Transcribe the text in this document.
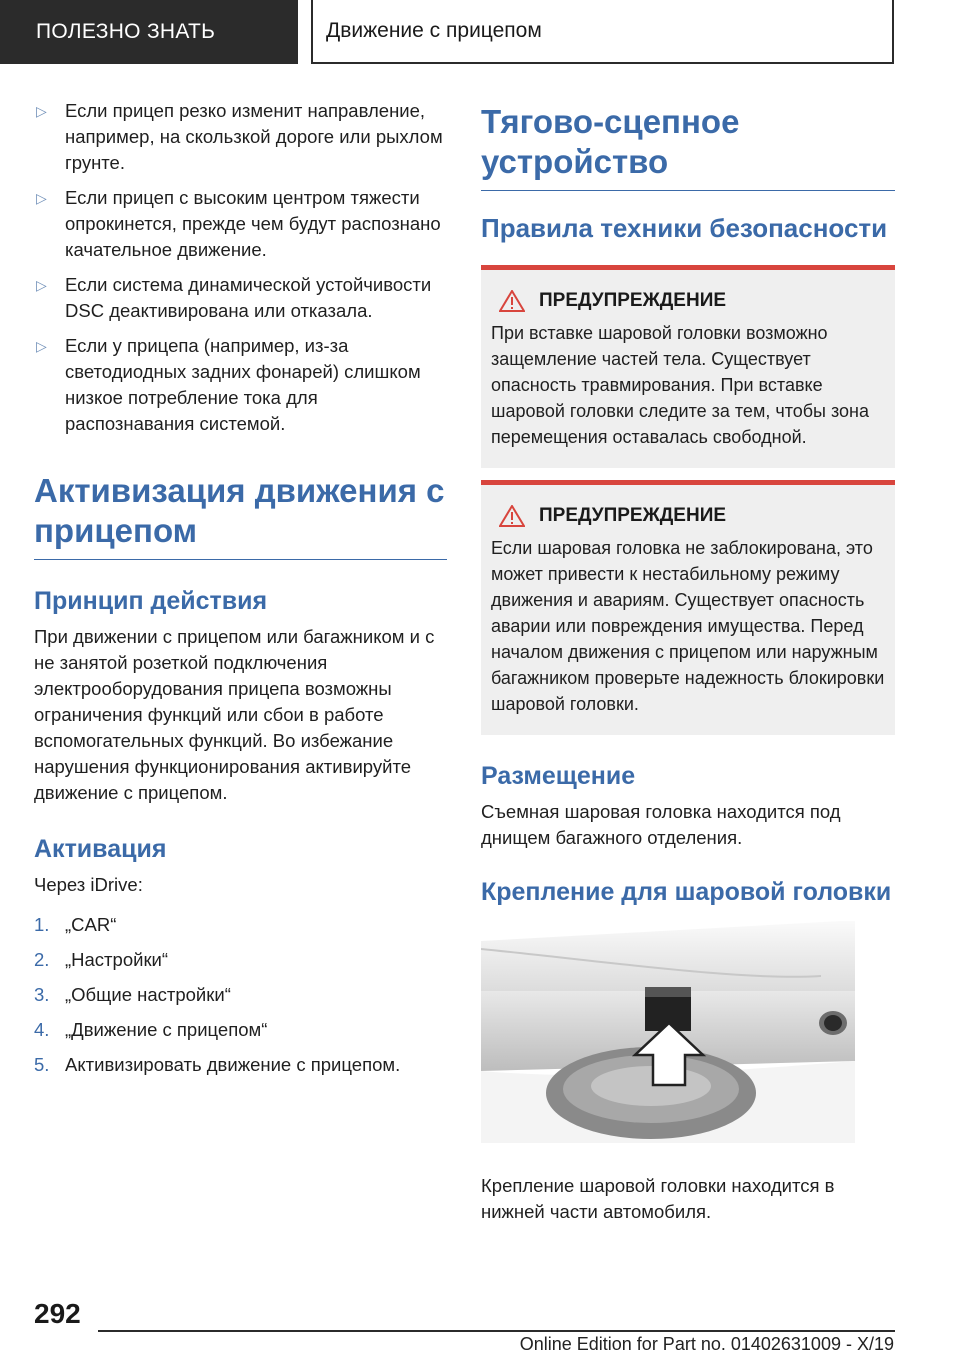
ПОЛЕЗНО ЗНАТЬ	Движение с прицепом
▷ Если прицеп резко изменит направление, например, на скользкой дороге или рыхлом грунте.
▷ Если прицеп с высоким центром тяжести опрокинется, прежде чем будут распознано качательное движение.
▷ Если система динамической устойчивости DSC деактивирована или отказала.
▷ Если у прицепа (например, из-за светодиодных задних фонарей) слишком низкое потребление тока для распознавания системой.
Активизация движения с прицепом
Принцип действия

При движении с прицепом или багажником и с не занятой розеткой подключения электрооборудования прицепа возможны ограничения функций или сбои в работе вспомогательных функций. Во избежание нарушения функционирования активируйте движение с прицепом.

Активация

Через iDrive:

1. „CAR“
2. „Настройки“
3. „Общие настройки“
4. „Движение с прицепом“
5. Активизировать движение с прицепом.
Тягово-сцепное устройство
Правила техники безопасности
ПРЕДУПРЕЖДЕНИЕ

При вставке шаровой головки возможно защемление частей тела. Существует опасность травмирования. При вставке шаровой головки следите за тем, чтобы зона перемещения оставалась свободной.

ПРЕДУПРЕЖДЕНИЕ

Если шаровая головка не заблокирована, это может привести к нестабильному режиму движения и авариям. Существует опасность аварии или повреждения имущества. Перед началом движения с прицепом или наружным багажником проверьте надежность блокировки шаровой головки.

Размещение

Съемная шаровая головка находится под днищем багажного отделения.

Крепление для шаровой головки

Крепление шаровой головки находится в нижней части автомобиля.

292
Online Edition for Part no. 01402631009 - X/19
